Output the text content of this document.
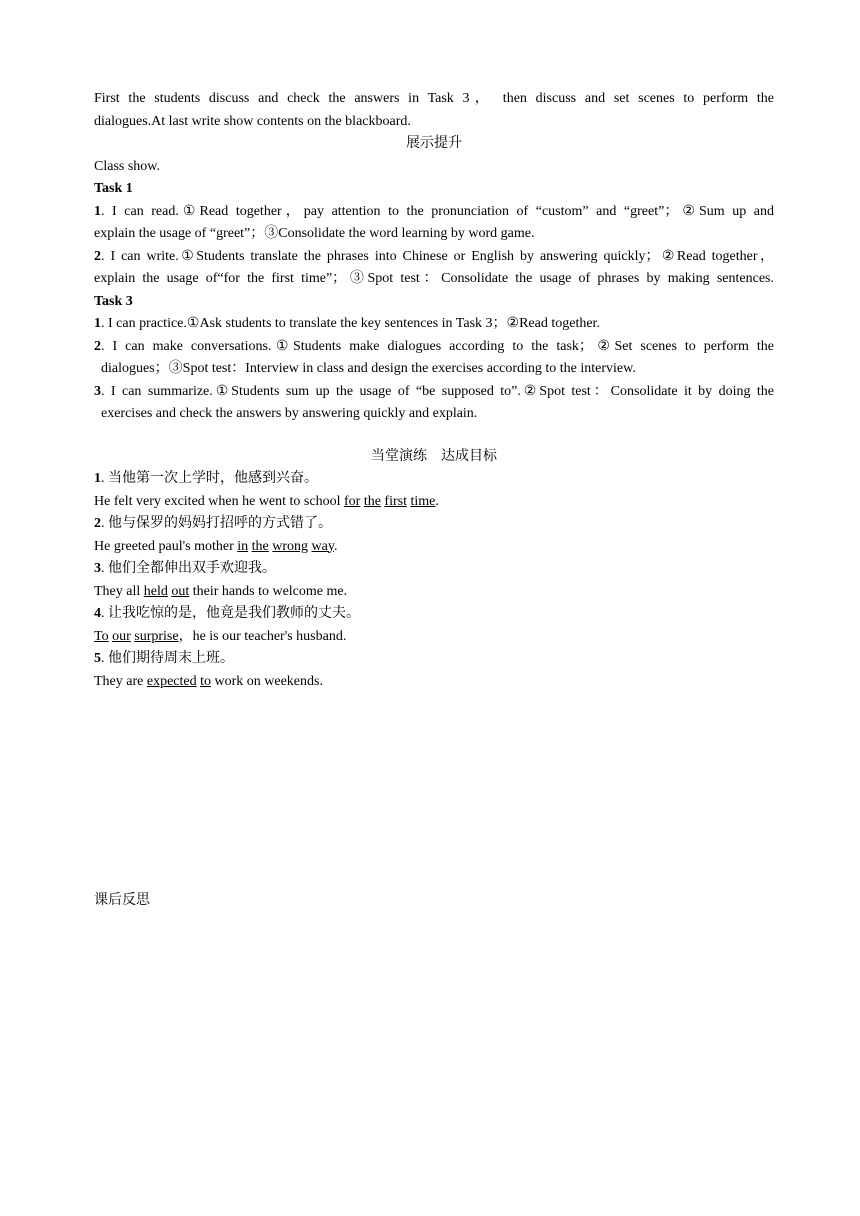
First the students discuss and check the answers in Task 3， then discuss and set scenes to perform the

dialogues.At last write show contents on the blackboard.

展示提升

Class show.

Task 1

1. I can read.①Read together，pay attention to the pronunciation of “custom” and “greet”；②Sum up and

explain the usage of “greet”；③Consolidate the word learning by word game.

2. I can write.①Students translate the phrases into Chinese or English by answering quickly；②Read together，

explain the usage of“for the first time”；③Spot test：Consolidate the usage of phrases by making sentences.

Task 3

1. I can practice.①Ask students to translate the key sentences in Task 3；②Read together.

2. I can make conversations.①Students make dialogues according to the task；②Set scenes to perform the

dialogues；③Spot test：Interview in class and design the exercises according to the interview.

3. I can summarize.①Students sum up the usage of “be supposed to”.②Spot test：Consolidate it by doing the

exercises and check the answers by answering quickly and explain.

当堂演练　达成目标

1. 当他第一次上学时，他感到兴奋。

He felt very excited when he went to school for the first time.

2. 他与保罗的妈妈打招呼的方式错了。

He greeted paul's mother in the wrong way.

3. 他们全都伸出双手欢迎我。

They all held out their hands to welcome me.

4. 让我吃惊的是，他竟是我们教师的丈夫。

To our surprise，he is our teacher's husband.

5. 他们期待周末上班。

They are expected to work on weekends.

课后反思
